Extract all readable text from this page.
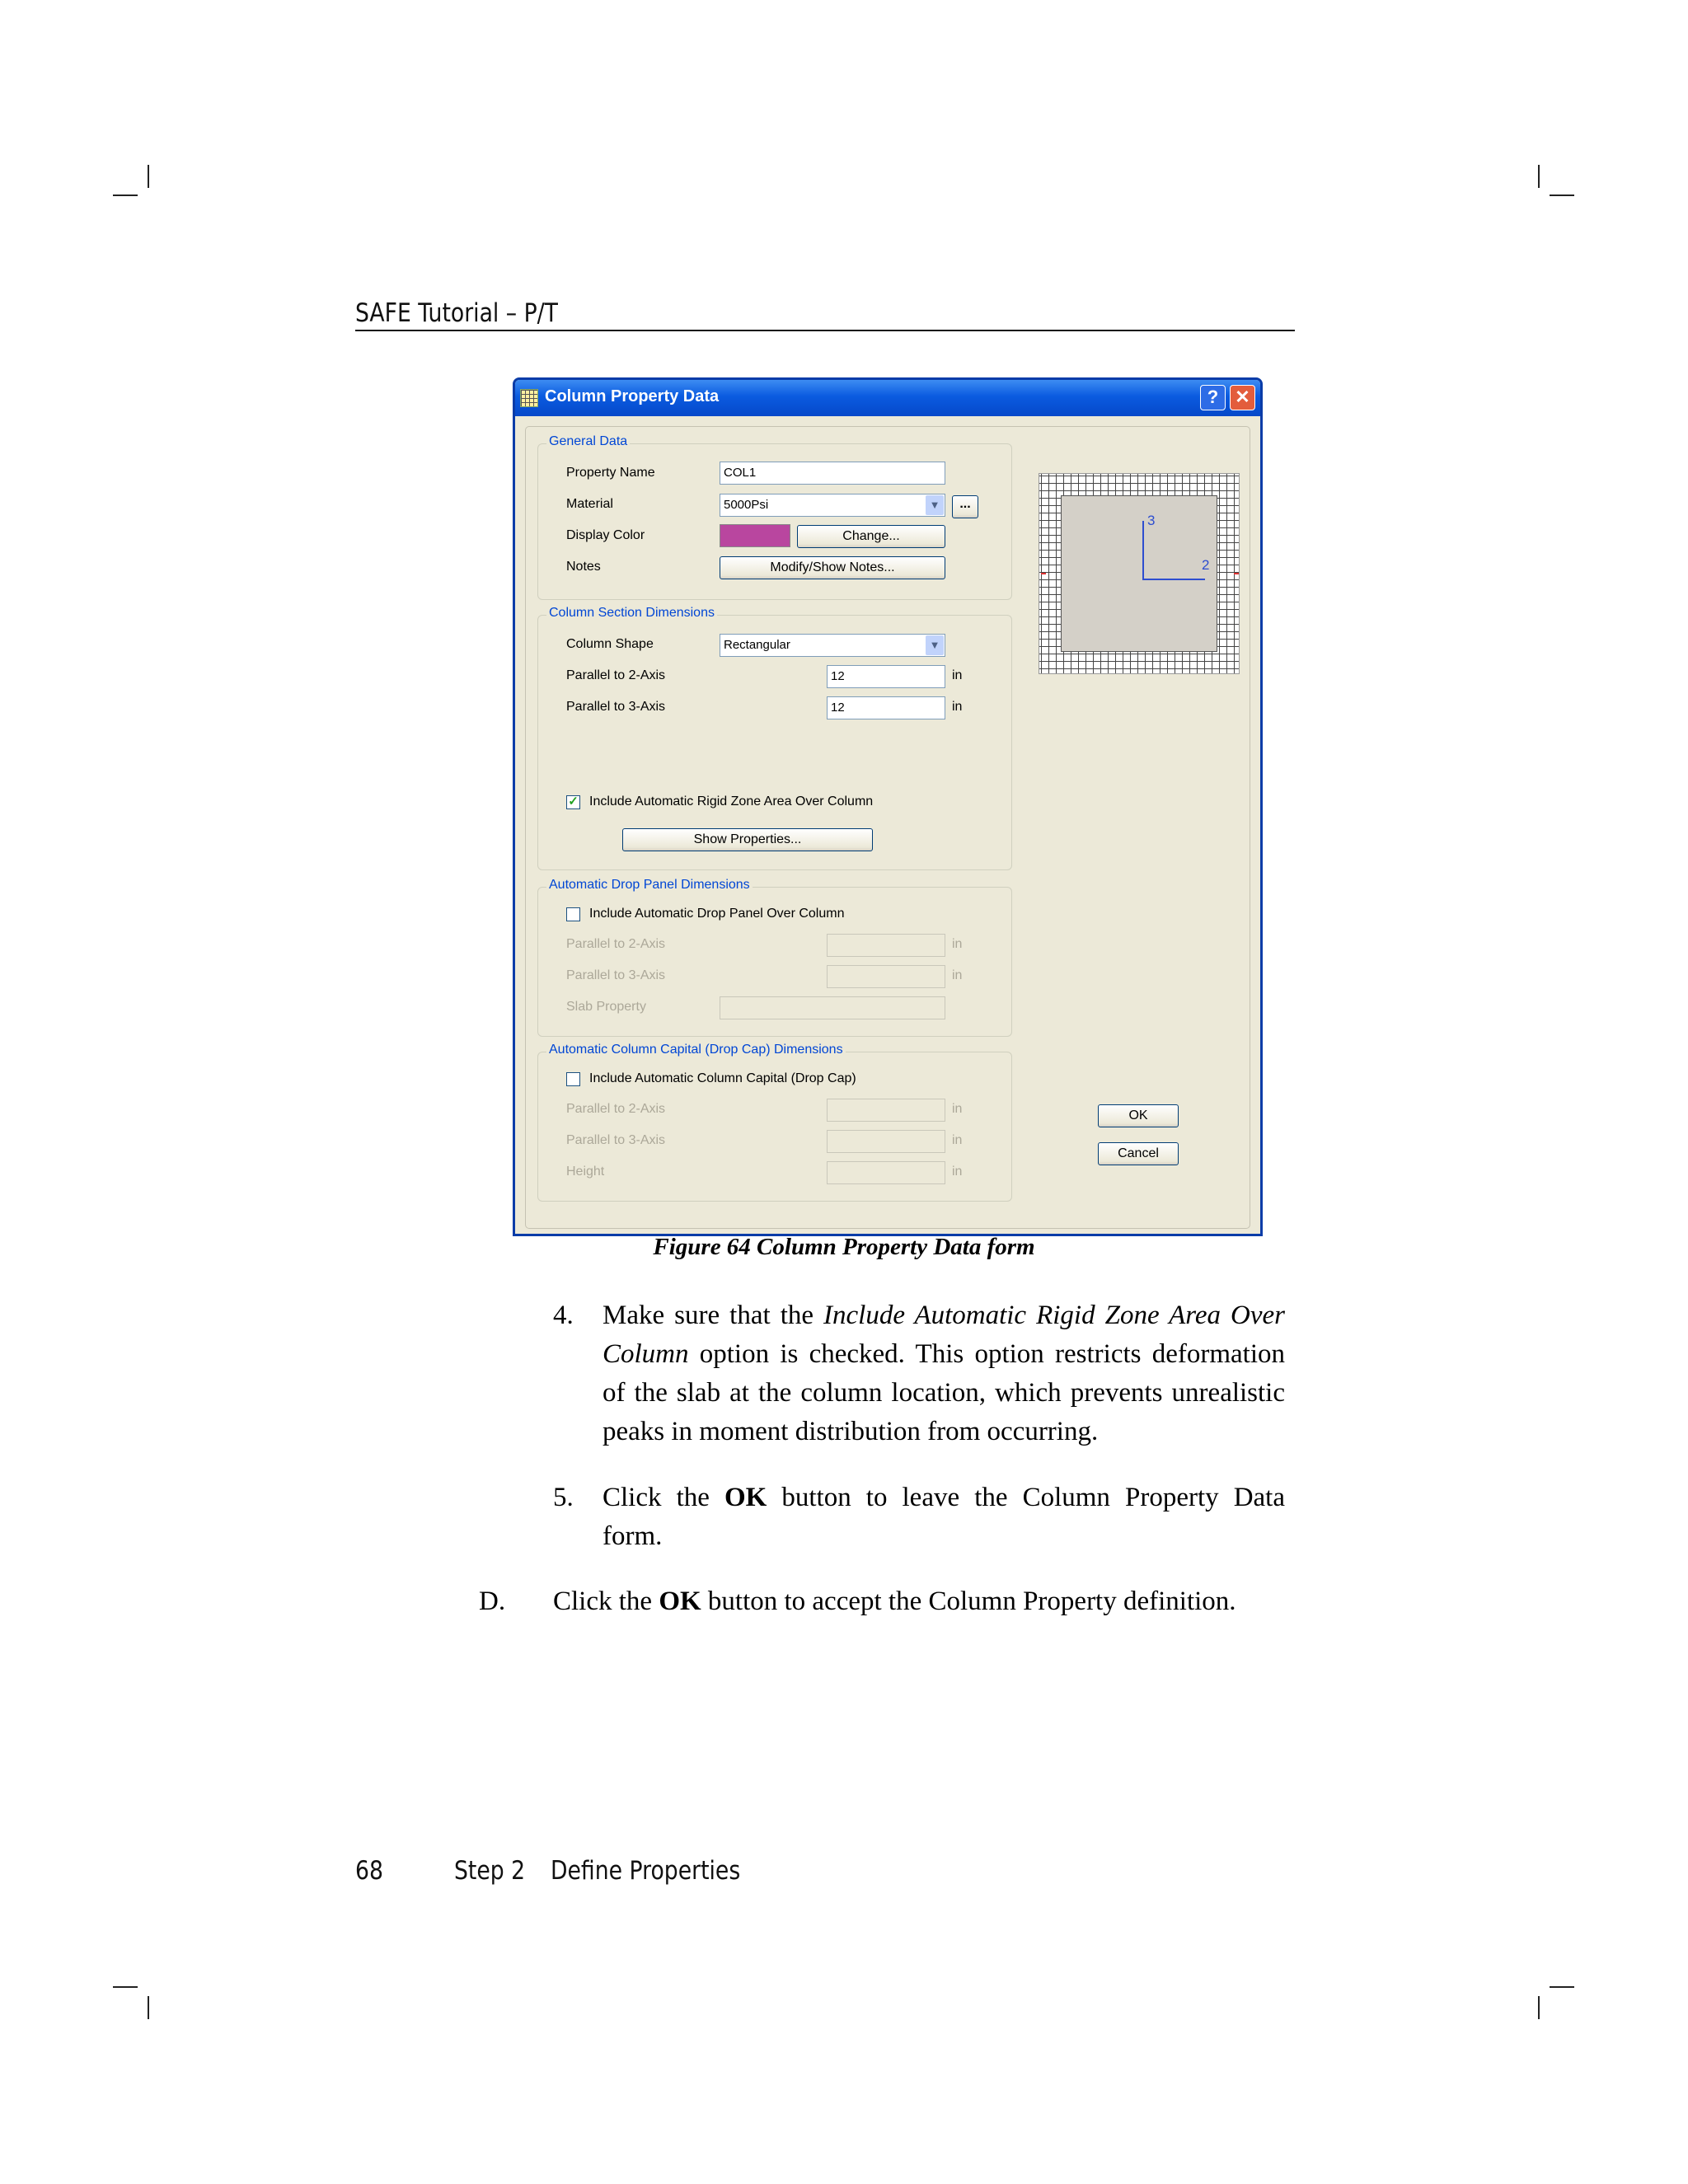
SAFE Tutorial – P/T
Column Property Data	? ✕
General Data
Property Name	COL1
Material	5000Psi	▼	...
Display Color	Change...
Notes	Modify/Show Notes...
Column Section Dimensions
Column Shape	Rectangular	▼
Parallel to 2-Axis	12	in
Parallel to 3-Axis	12	in
✓ Include Automatic Rigid Zone Area Over Column
Show Properties...
Automatic Drop Panel Dimensions
Include Automatic Drop Panel Over Column
Parallel to 2-Axis	in
Parallel to 3-Axis	in
Slab Property
Automatic Column Capital (Drop Cap) Dimensions
Include Automatic Column Capital (Drop Cap)
Parallel to 2-Axis	in
Parallel to 3-Axis	in
Height	in
3
2
OK
Cancel
Figure 64 Column Property Data form
4. Make sure that the Include Automatic Rigid Zone Area Over
Column option is checked. This option restricts deformation
of the slab at the column location, which prevents unrealistic
peaks in moment distribution from occurring.
5. Click the OK button to leave the Column Property Data
form.
D. Click the OK button to accept the Column Property definition.
68	Step 2 Define Properties
